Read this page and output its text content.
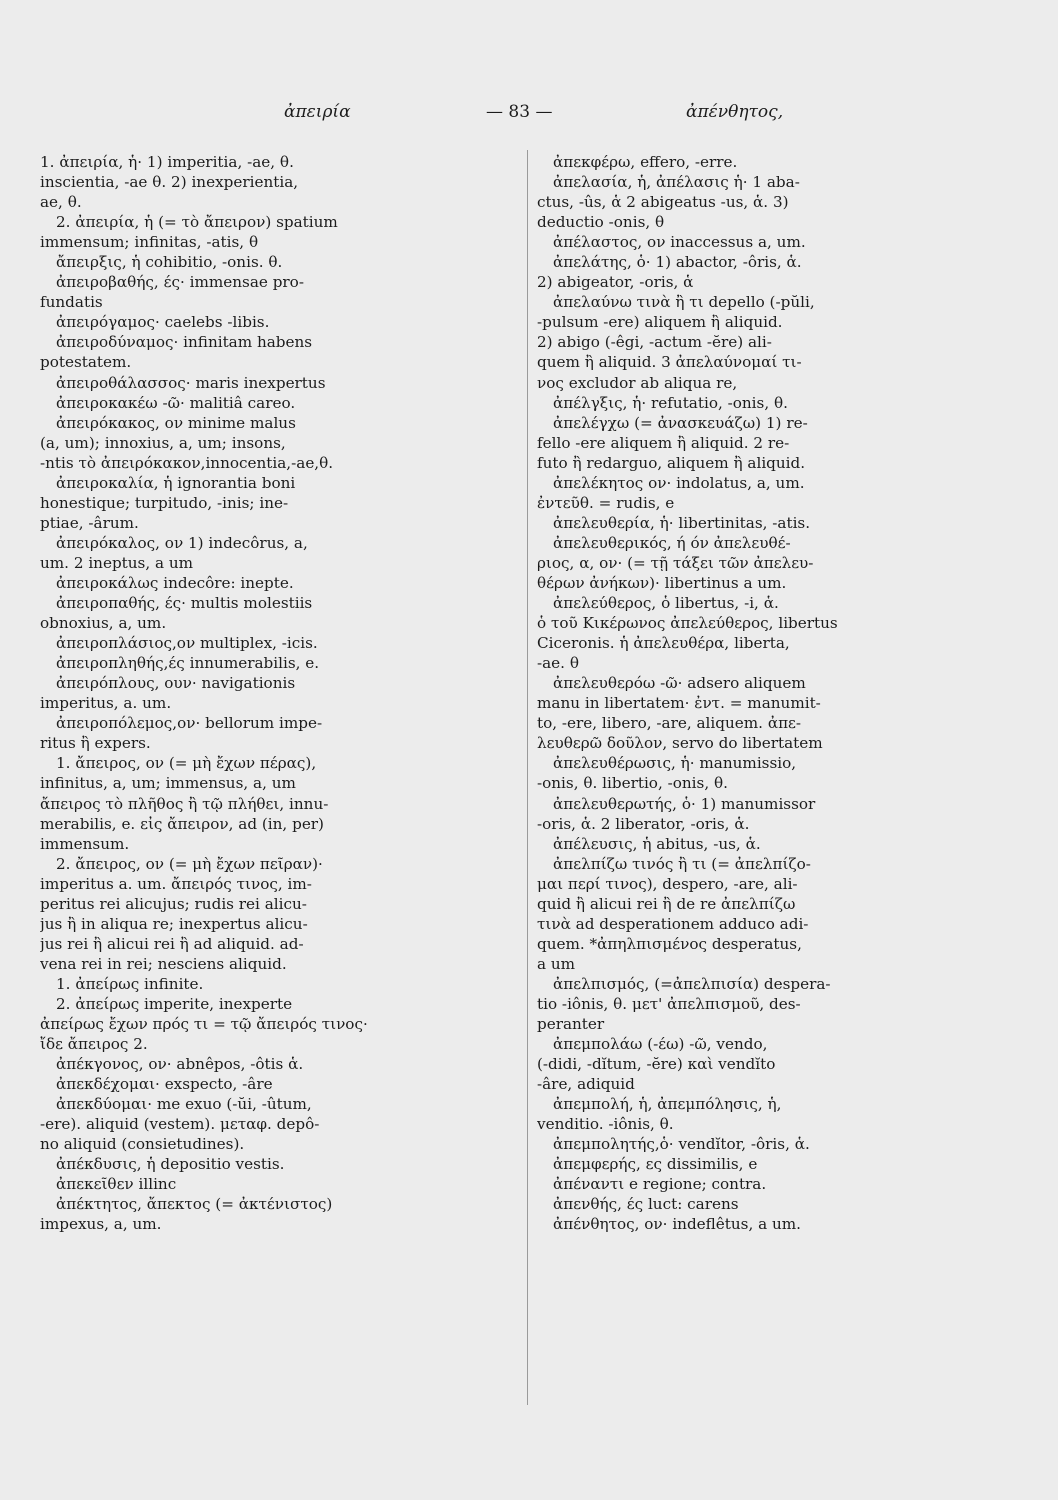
ἀπειρία	— 83 —	ἀπένθητος,
1. ἀπειρία, ἡ· 1) imperitia, -ae, θ.
inscientia, -ae θ. 2) inexperientia,
ae, θ.
2. ἀπειρία, ἡ (= τὸ ἄπειρον) spatium
immensum; infinitas, -atis, θ
ἄπειρξις, ἡ cohibitio, -onis. θ.
ἀπειροβαθής, ές· immensae pro-
fundatis
ἀπειρόγαμος· caelebs -libis.
ἀπειροδύναμος· infinitam habens
potestatem.
ἀπειροθάλασσος· maris inexpertus
ἀπειροκακέω -ῶ· malitiâ careo.
ἀπειρόκακος, ον minime malus
(a, um); innoxius, a, um; insons,
-ntis τὸ ἀπειρόκακον,innocentia,-ae,θ.
ἀπειροκαλία, ἡ ignorantia boni
honestique; turpitudo, -inis; ine-
ptiae, -ârum.
ἀπειρόκαλος, ον 1) indecôrus, a,
um. 2 ineptus, a um
ἀπειροκάλως indecôre: inepte.
ἀπειροπαθής, ές· multis molestiis
obnoxius, a, um.
ἀπειροπλάσιος,ον multiplex, -icis.
ἀπειροπληθής,ές innumerabilis, e.
ἀπειρόπλους, ουν· navigationis
imperitus, a. um.
ἀπειροπόλεμος,ον· bellorum impe-
ritus ἢ expers.
1. ἄπειρος, ον (= μὴ ἔχων πέρας),
infinitus, a, um; immensus, a, um
ἄπειρος τὸ πλῆθος ἢ τῷ πλήθει, innu-
merabilis, e. εἰς ἄπειρον, ad (in, per)
immensum.
2. ἄπειρος, ον (= μὴ ἔχων πεῖραν)·
imperitus a. um. ἄπειρός τινος, im-
peritus rei alicujus; rudis rei alicu-
jus ἢ in aliqua re; inexpertus alicu-
jus rei ἢ alicui rei ἢ ad aliquid. ad-
vena rei in rei; nesciens aliquid.
1. ἀπείρως infinite.
2. ἀπείρως imperite, inexperte
ἀπείρως ἔχων πρός τι = τῷ ἄπειρός τινος·
ἴδε ἄπειρος 2.
ἀπέκγονος, ον· abnêpos, -ôtis ἁ.
ἀπεκδέχομαι· exspecto, -âre
ἀπεκδύομαι· me exuo (-ŭi, -ûtum,
-ere). aliquid (vestem). μεταφ. depô-
no aliquid (consietudines).
ἀπέκδυσις, ἡ depositio vestis.
ἀπεκεῖθεν illinc
ἀπέκτητος, ἄπεκτος (= ἀκτένιστος)
impexus, a, um.
ἀπεκφέρω, effero, -erre.
ἀπελασία, ἡ, ἀπέλασις ἡ· 1 aba-
ctus, -ûs, ἁ 2 abigeatus -us, ἁ. 3)
deductio -onis, θ
ἀπέλαστος, ον inaccessus a, um.
ἀπελάτης, ὁ· 1) abactor, -ôris, ἁ.
2) abigeator, -oris, ἁ
ἀπελαύνω τινὰ ἢ τι depello (-pŭli,
-pulsum -ere) aliquem ἢ aliquid.
2) abigo (-êgi, -actum -ĕre) ali-
quem ἢ aliquid. 3 ἀπελαύνομαί τι-
νος excludor ab aliqua re,
ἀπέλγξις, ἡ· refutatio, -onis, θ.
ἀπελέγχω (= ἀνασκευάζω) 1) re-
fello -ere aliquem ἢ aliquid. 2 re-
futo ἢ redarguo, aliquem ἢ aliquid.
ἀπελέκητος ον· indolatus, a, um.
ἐντεῦθ. = rudis, e
ἀπελευθερία, ἡ· libertinitas, -atis.
ἀπελευθερικός, ή όν ἀπελευθέ-
ριος, α, ον· (= τῇ τάξει τῶν ἀπελευ-
θέρων ἀνήκων)· libertinus a um.
ἀπελεύθερος, ὁ libertus, -i, ἁ.
ὁ τοῦ Κικέρωνος ἀπελεύθερος, libertus
Ciceronis. ἡ ἀπελευθέρα, liberta,
-ae. θ
ἀπελευθερόω -ῶ· adsero aliquem
manu in libertatem· ἐντ. = manumit-
to, -ere, libero, -are, aliquem. ἀπε-
λευθερῶ δοῦλον, servo do libertatem
ἀπελευθέρωσις, ἡ· manumissio,
-onis, θ. libertio, -onis, θ.
ἀπελευθερωτής, ὁ· 1) manumissor
-oris, ἁ. 2 liberator, -oris, ἁ.
ἀπέλευσις, ἡ abitus, -us, ἁ.
ἀπελπίζω τινός ἢ τι (= ἀπελπίζο-
μαι περί τινος), despero, -are, ali-
quid ἢ alicui rei ἢ de re ἀπελπίζω
τινὰ ad desperationem adduco adi-
quem. *ἀπηλπισμένος desperatus,
a um
ἀπελπισμός, (=ἀπελπισία) despera-
tio -iônis, θ. μετ' ἀπελπισμοῦ, des-
peranter
ἀπεμπολάω (-έω) -ῶ, vendo,
(-didi, -dĭtum, -ĕre) καὶ vendĭto
-âre, adiquid
ἀπεμπολή, ἡ, ἀπεμπόλησις, ἡ,
venditio. -iônis, θ.
ἀπεμπολητής,ὁ· vendĭtor, -ôris, ἁ.
ἀπεμφερής, ες dissimilis, e
ἀπέναντι e regione; contra.
ἀπενθής, ές luct: carens
ἀπένθητος, ον· indeflêtus, a um.
